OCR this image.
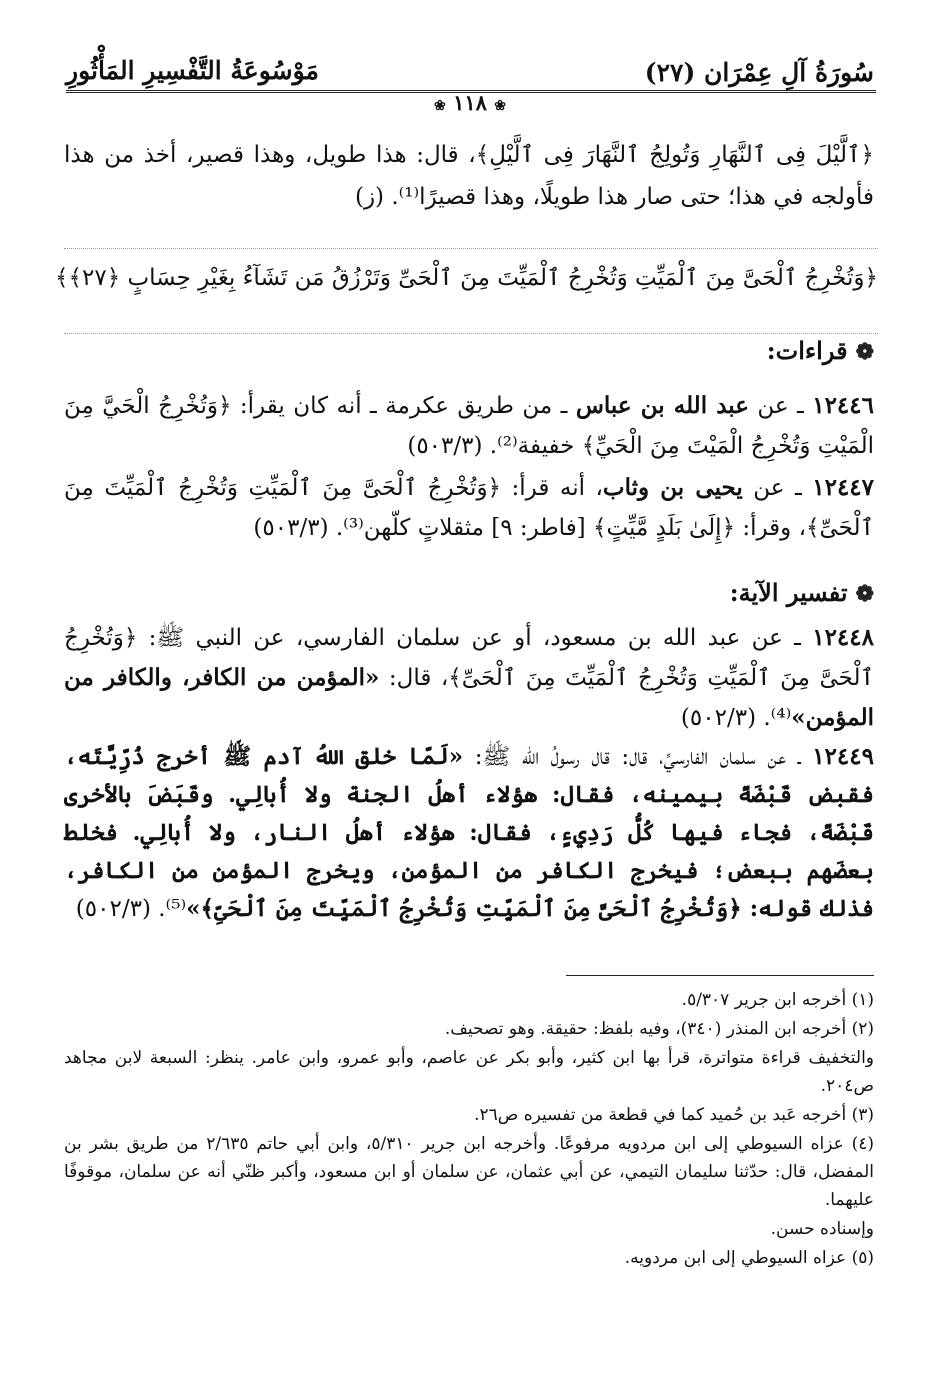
سُورَةُ آلِ عِمْرَان (٢٧)
مَوْسُوعَةُ التَّفْسِيرِ المَأْثُورِ
❀ ١١٨ ❀
﴿ٱلَّيْلَ فِى ٱلنَّهَارِ وَتُولِجُ ٱلنَّهَارَ فِى ٱلَّيْلِ﴾، قال: هذا طويل، وهذا قصير، أخذ من هذا فأولجه في هذا؛ حتى صار هذا طويلًا، وهذا قصيرًا⁽¹⁾. (ز)
﴿وَتُخْرِجُ ٱلْحَىَّ مِنَ ٱلْمَيِّتِ وَتُخْرِجُ ٱلْمَيِّتَ مِنَ ٱلْحَىِّ وَتَرْزُقُ مَن تَشَآءُ بِغَيْرِ حِسَابٍ ﴿٢٧﴾﴾
❁قراءات:
١٢٤٤٦ ـ عن عبد الله بن عباس ـ من طريق عكرمة ـ أنه كان يقرأ: ﴿وَتُخْرِجُ الْحَيَّ مِنَ الْمَيْتِ وَتُخْرِجُ الْمَيْتَ مِنَ الْحَيِّ﴾ خفيفة⁽²⁾. (٥٠٣/٣)
١٢٤٤٧ ـ عن يحيى بن وثاب، أنه قرأ: ﴿وَتُخْرِجُ ٱلْحَىَّ مِنَ ٱلْمَيِّتِ وَتُخْرِجُ ٱلْمَيِّتَ مِنَ ٱلْحَىِّ﴾، وقرأ: ﴿إِلَىٰ بَلَدٍ مَّيِّتٍ﴾ [فاطر: ٩] مثقلاتٍ كلّهن⁽³⁾. (٥٠٣/٣)
❁تفسير الآية:
١٢٤٤٨ ـ عن عبد الله بن مسعود، أو عن سلمان الفارسي، عن النبي ﷺ: ﴿وَتُخْرِجُ ٱلْحَىَّ مِنَ ٱلْمَيِّتِ وَتُخْرِجُ ٱلْمَيِّتَ مِنَ ٱلْحَىِّ﴾، قال: «المؤمن من الكافر، والكافر من المؤمن»⁽⁴⁾. (٥٠٢/٣)
١٢٤٤٩ ـ عن سلمان الفارسيِّ، قال: قال رسولُ الله ﷺ: «لَمّا خلق اللهُ آدم ﷺ أخرج ذُرِّيَّتَه، فقبض قَبْضَةً بيمينه، فقال: هؤلاء أهلُ الجنة ولا أُبالِي. وقَبَضَ بالأخرى قَبْضَةً، فجاء فيها كُلُّ رَدِيءٍ، فقال: هؤلاء أهلُ النار، ولا أُبالِي. فخلط بعضَهم ببعض؛ فيخرج الكافر من المؤمن، ويخرج المؤمن من الكافر، فذلك قوله: ﴿وَتُخْرِجُ ٱلْحَىَّ مِنَ ٱلْمَيِّتِ وَتُخْرِجُ ٱلْمَيِّتَ مِنَ ٱلْحَىِّ﴾»⁽⁵⁾. (٥٠٢/٣)
(١) أخرجه ابن جرير ٥/٣٠٧.
(٢) أخرجه ابن المنذر (٣٤٠)، وفيه بلفظ: حقيقة. وهو تصحيف.
والتخفيف قراءة متواترة، قرأ بها ابن كثير، وأبو بكر عن عاصم، وأبو عمرو، وابن عامر. ينظر: السبعة لابن مجاهد ص٢٠٤.
(٣) أخرجه عَبد بن حُميد كما في قطعة من تفسيره ص٢٦.
(٤) عزاه السيوطي إلى ابن مردويه مرفوعًا. وأخرجه ابن جرير ٥/٣١٠، وابن أبي حاتم ٢/٦٣٥ من طريق بشر بن المفضل، قال: حدّثنا سليمان التيمي، عن أبي عثمان، عن سلمان أو ابن مسعود، وأكبر ظنّي أنه عن سلمان، موقوفًا عليهما.
وإسناده حسن.
(٥) عزاه السيوطي إلى ابن مردويه.
